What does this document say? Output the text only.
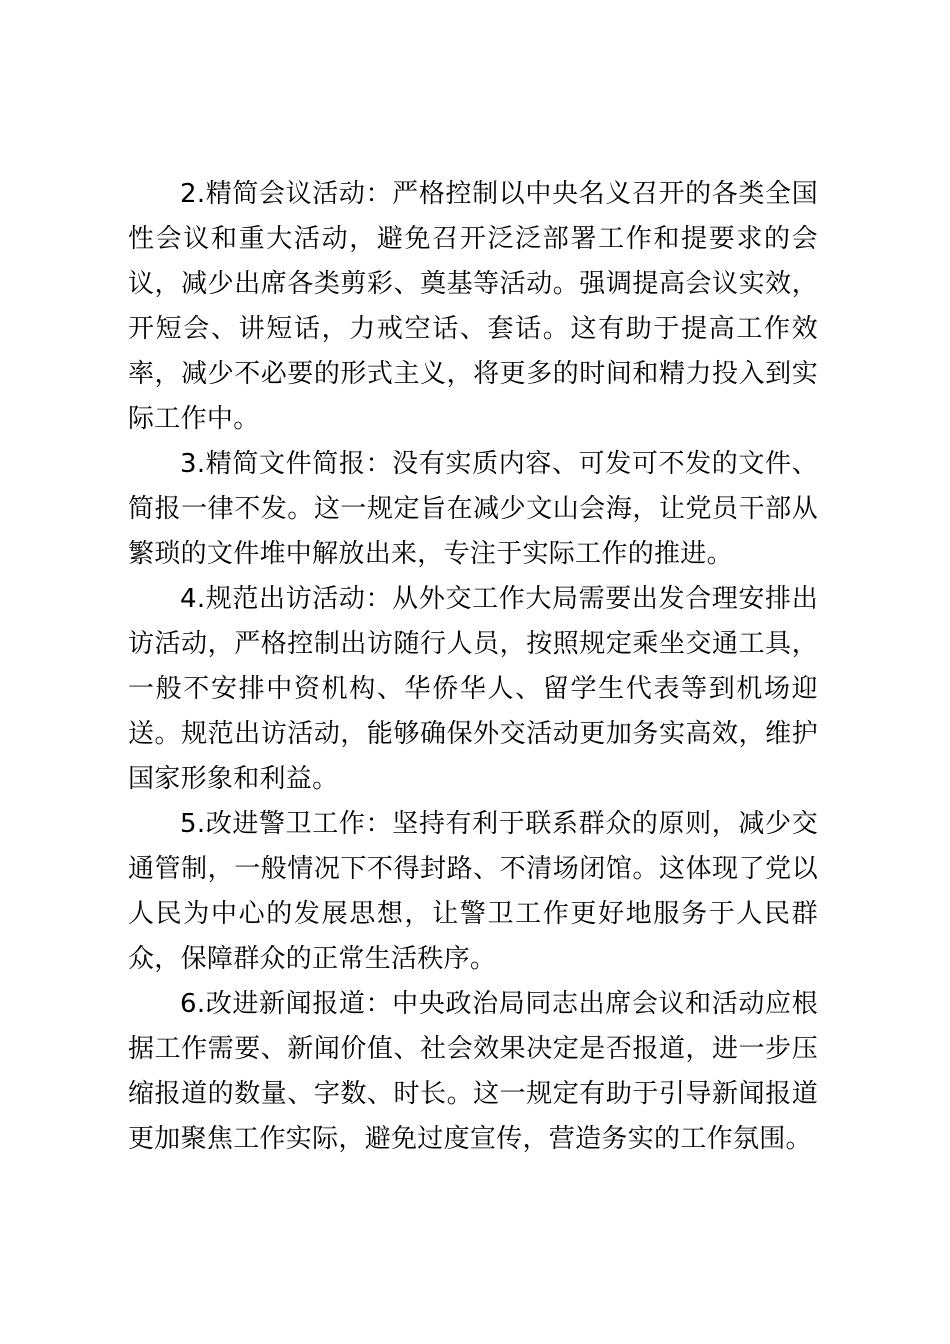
2.精简会议活动：严格控制以中央名义召开的各类全国性会议和重大活动，避免召开泛泛部署工作和提要求的会议，减少出席各类剪彩、奠基等活动。强调提高会议实效，开短会、讲短话，力戒空话、套话。这有助于提高工作效率，减少不必要的形式主义，将更多的时间和精力投入到实际工作中。

3.精简文件简报：没有实质内容、可发可不发的文件、简报一律不发。这一规定旨在减少文山会海，让党员干部从繁琐的文件堆中解放出来，专注于实际工作的推进。

4.规范出访活动：从外交工作大局需要出发合理安排出访活动，严格控制出访随行人员，按照规定乘坐交通工具，一般不安排中资机构、华侨华人、留学生代表等到机场迎送。规范出访活动，能够确保外交活动更加务实高效，维护国家形象和利益。

5.改进警卫工作：坚持有利于联系群众的原则，减少交通管制，一般情况下不得封路、不清场闭馆。这体现了党以人民为中心的发展思想，让警卫工作更好地服务于人民群众，保障群众的正常生活秩序。

6.改进新闻报道：中央政治局同志出席会议和活动应根据工作需要、新闻价值、社会效果决定是否报道，进一步压缩报道的数量、字数、时长。这一规定有助于引导新闻报道更加聚焦工作实际，避免过度宣传，营造务实的工作氛围。
